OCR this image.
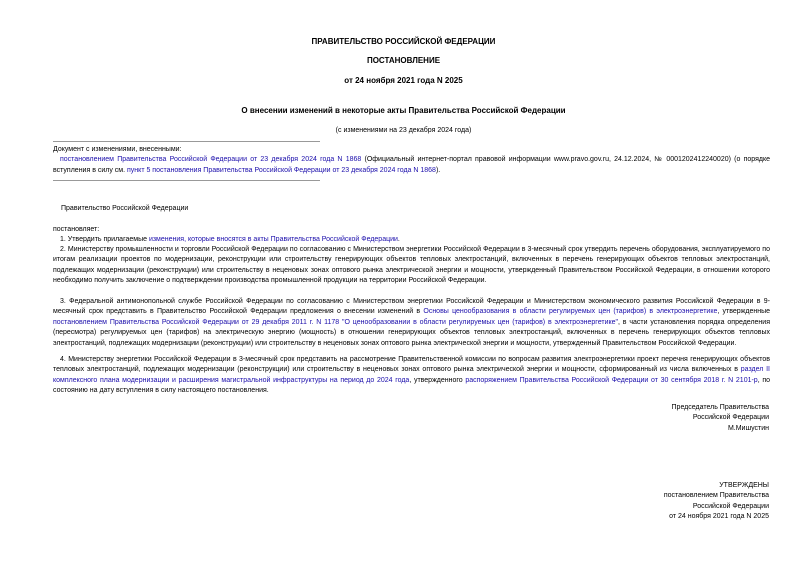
ПРАВИТЕЛЬСТВО РОССИЙСКОЙ ФЕДЕРАЦИИ
ПОСТАНОВЛЕНИЕ
от 24 ноября 2021 года N 2025
О внесении изменений в некоторые акты Правительства Российской Федерации
(с изменениями на 23 декабря 2024 года)
Документ с изменениями, внесенными:
постановлением Правительства Российской Федерации от 23 декабря 2024 года N 1868 (Официальный интернет-портал правовой информации www.pravo.gov.ru, 24.12.2024, № 0001202412240020) (о порядке вступления в силу см. пункт 5 постановления Правительства Российской Федерации от 23 декабря 2024 года N 1868).
Правительство Российской Федерации
постановляет:
1. Утвердить прилагаемые изменения, которые вносятся в акты Правительства Российской Федерации.
2. Министерству промышленности и торговли Российской Федерации по согласованию с Министерством энергетики Российской Федерации в 3-месячный срок утвердить перечень оборудования, эксплуатируемого по итогам реализации проектов по модернизации, реконструкции или строительству генерирующих объектов тепловых электростанций, включенных в перечень генерирующих объектов тепловых электростанций, подлежащих модернизации (реконструкции) или строительству в неценовых зонах оптового рынка электрической энергии и мощности, утвержденный Правительством Российской Федерации, в отношении которого необходимо получить заключение о подтверждении производства промышленной продукции на территории Российской Федерации.
3. Федеральной антимонопольной службе Российской Федерации по согласованию с Министерством энергетики Российской Федерации и Министерством экономического развития Российской Федерации в 9-месячный срок представить в Правительство Российской Федерации предложения о внесении изменений в Основы ценообразования в области регулируемых цен (тарифов) в электроэнергетике, утвержденные постановлением Правительства Российской Федерации от 29 декабря 2011 г. N 1178 "О ценообразовании в области регулируемых цен (тарифов) в электроэнергетике", в части установления порядка определения (пересмотра) регулируемых цен (тарифов) на электрическую энергию (мощность) в отношении генерирующих объектов тепловых электростанций, включенных в перечень генерирующих объектов тепловых электростанций, подлежащих модернизации (реконструкции) или строительству в неценовых зонах оптового рынка электрической энергии и мощности, утвержденный Правительством Российской Федерации.
4. Министерству энергетики Российской Федерации в 3-месячный срок представить на рассмотрение Правительственной комиссии по вопросам развития электроэнергетики проект перечня генерирующих объектов тепловых электростанций, подлежащих модернизации (реконструкции) или строительству в неценовых зонах оптового рынка электрической энергии и мощности, сформированный из числа включенных в раздел II комплексного плана модернизации и расширения магистральной инфраструктуры на период до 2024 года, утвержденного распоряжением Правительства Российской Федерации от 30 сентября 2018 г. N 2101-р, по состоянию на дату вступления в силу настоящего постановления.
Председатель Правительства
Российской Федерации
М.Мишустин
УТВЕРЖДЕНЫ
постановлением Правительства
Российской Федерации
от 24 ноября 2021 года N 2025
